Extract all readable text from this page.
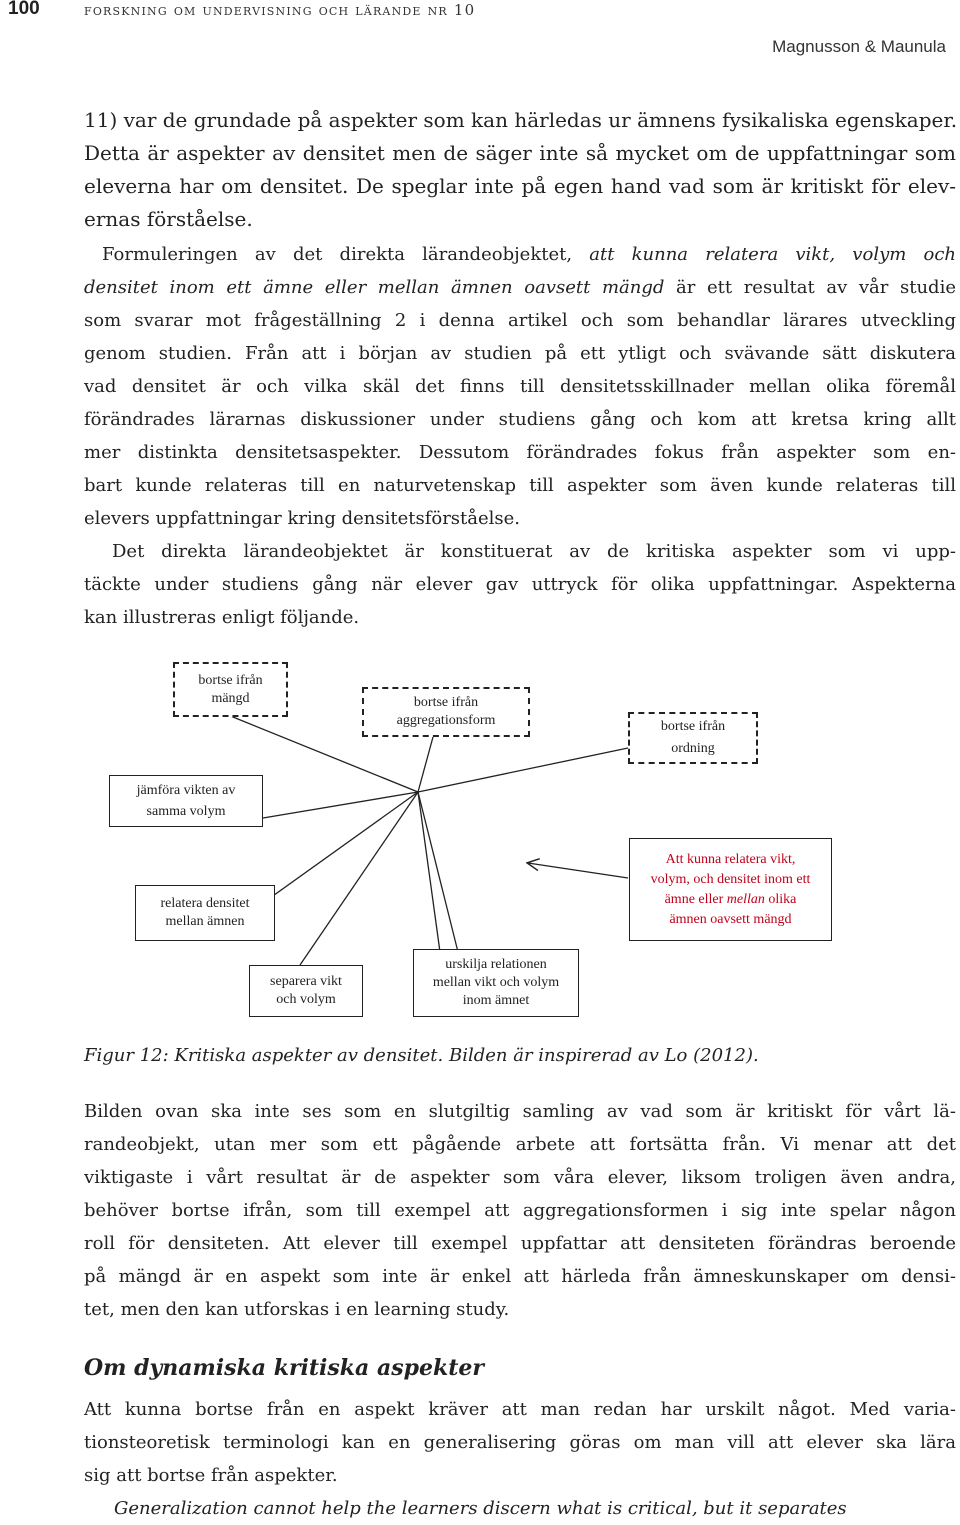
100	forskning om undervisning och lärande nr 10
Magnusson & Maunula
11) var de grundade på aspekter som kan härledas ur ämnens fysikaliska egenskaper.
Detta är aspekter av densitet men de säger inte så mycket om de uppfattningar som
eleverna har om densitet. De speglar inte på egen hand vad som är kritiskt för elev-
ernas förståelse.
Formuleringen av det direkta lärandeobjektet, att kunna relatera vikt, volym och
densitet inom ett ämne eller mellan ämnen oavsett mängd är ett resultat av vår studie
som svarar mot frågeställning 2 i denna artikel och som behandlar lärares utveckling
genom studien. Från att i början av studien på ett ytligt och svävande sätt diskutera
vad densitet är och vilka skäl det finns till densitetsskillnader mellan olika föremål
förändrades lärarnas diskussioner under studiens gång och kom att kretsa kring allt
mer distinkta densitetsaspekter. Dessutom förändrades fokus från aspekter som en-
bart kunde relateras till en naturvetenskap till aspekter som även kunde relateras till
elevers uppfattningar kring densitetsförståelse.
Det direkta lärandeobjektet är konstituerat av de kritiska aspekter som vi upp-
täckte under studiens gång när elever gav uttryck för olika uppfattningar. Aspekterna
kan illustreras enligt följande.
bortse ifrån
mängd	bortse ifrån
aggregationsform	bortse ifrån
ordning
jämföra vikten av
samma volym
relatera densitet
mellan ämnen
separera vikt
och volym
urskilja relationen
mellan vikt och volym
inom ämnet
Att kunna relatera vikt,
volym, och densitet inom ett
ämne eller mellan olika
ämnen oavsett mängd
Figur 12: Kritiska aspekter av densitet. Bilden är inspirerad av Lo (2012).
Bilden ovan ska inte ses som en slutgiltig samling av vad som är kritiskt för vårt lä-
randeobjekt, utan mer som ett pågående arbete att fortsätta från. Vi menar att det
viktigaste i vårt resultat är de aspekter som våra elever, liksom troligen även andra,
behöver bortse ifrån, som till exempel att aggregationsformen i sig inte spelar någon
roll för densiteten. Att elever till exempel uppfattar att densiteten förändras beroende
på mängd är en aspekt som inte är enkel att härleda från ämneskunskaper om densi-
tet, men den kan utforskas i en learning study.
Om dynamiska kritiska aspekter
Att kunna bortse från en aspekt kräver att man redan har urskilt något. Med varia-
tionsteoretisk terminologi kan en generalisering göras om man vill att elever ska lära
sig att bortse från aspekter.
Generalization cannot help the learners discern what is critical, but it separates
